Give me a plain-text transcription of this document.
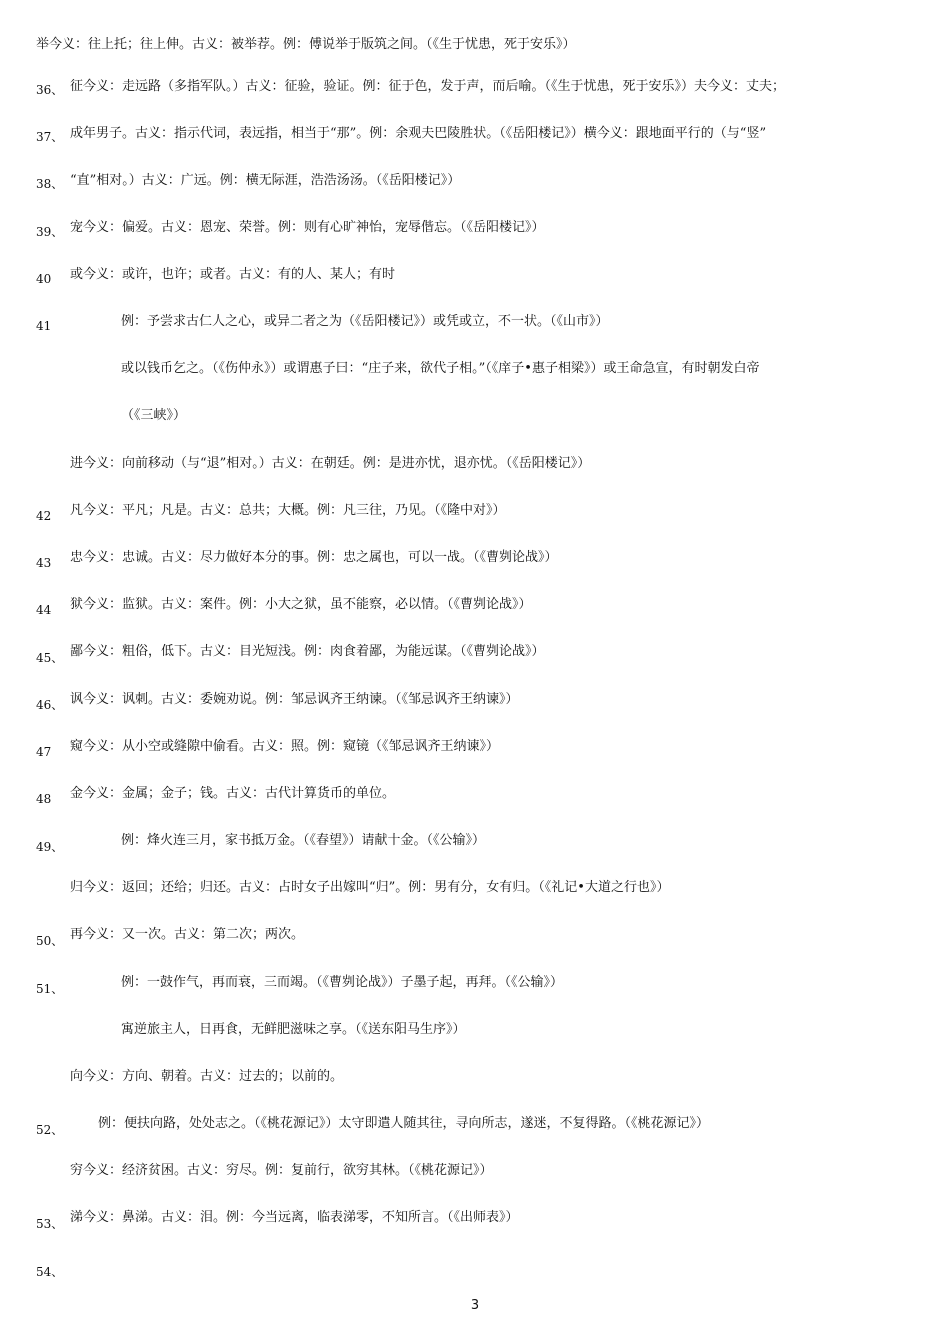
36、
37、
38、
39、
40
41
42
43
44
45、
46、
47
48
49、
50、
51、
52、
53、
54、
举今义：往上托；往上伸。古义：被举荐。例：傅说举于版筑之间。（《生于忧患，死于安乐》）
征今义：走远路（多指军队。）古义：征验，验证。例：征于色，发于声，而后喻。（《生于忧患，死于安乐》）夫今义：丈夫；
成年男子。古义：指示代词，表远指，相当于“那”。例：余观夫巴陵胜状。（《岳阳楼记》）横今义：跟地面平行的（与“竖”
“直”相对。）古义：广远。例：横无际涯，浩浩汤汤。（《岳阳楼记》）
宠今义：偏爱。古义：恩宠、荣誉。例：则有心旷神怡，宠辱偕忘。（《岳阳楼记》）
或今义：或许，也许；或者。古义：有的人、某人；有时
例：予尝求古仁人之心，或异二者之为（《岳阳楼记》）或凭或立，不一状。（《山市》）
或以钱币乞之。（《伤仲永》）或谓惠子曰：“庄子来，欲代子相。”（《庠子•惠子相梁》）或王命急宣，有时朝发白帝
（《三峡》）
进今义：向前移动（与“退”相对。）古义：在朝廷。例：是进亦忧，退亦忧。（《岳阳楼记》）
凡今义：平凡；凡是。古义：总共；大概。例：凡三往，乃见。（《隆中对》）
忠今义：忠诚。古义：尽力做好本分的事。例：忠之属也，可以一战。（《曹刿论战》）
狱今义：监狱。古义：案件。例：小大之狱，虽不能察，必以情。（《曹刿论战》）
鄙今义：粗俗，低下。古义：目光短浅。例：肉食着鄙，为能远谋。（《曹刿论战》）
讽今义：讽刺。古义：委婉劝说。例：邹忌讽齐王纳谏。（《邹忌讽齐王纳谏》）
窥今义：从小空或缝隙中偷看。古义：照。例：窥镜（《邹忌讽齐王纳谏》）
金今义：金属；金子；钱。古义：古代计算货币的单位。
例：烽火连三月，家书抵万金。（《春望》）请献十金。（《公输》）
归今义：返回；还给；归还。古义：占时女子出嫁叫“归”。例：男有分，女有归。（《礼记•大道之行也》）
再今义：又一次。古义：第二次；两次。
例：一鼓作气，再而衰，三而竭。（《曹刿论战》）子墨子起，再拜。（《公输》）
寓逆旅主人，日再食，无鲜肥滋味之享。（《送东阳马生序》）
向今义：方向、朝着。古义：过去的；以前的。
例：便扶向路，处处志之。（《桃花源记》）太守即遣人随其往，寻向所志，遂迷，不复得路。（《桃花源记》）
穷今义：经济贫困。古义：穷尽。例：复前行，欲穷其林。（《桃花源记》）
涕今义：鼻涕。古义：泪。例：今当远离，临表涕零，不知所言。（《出师表》）
3
